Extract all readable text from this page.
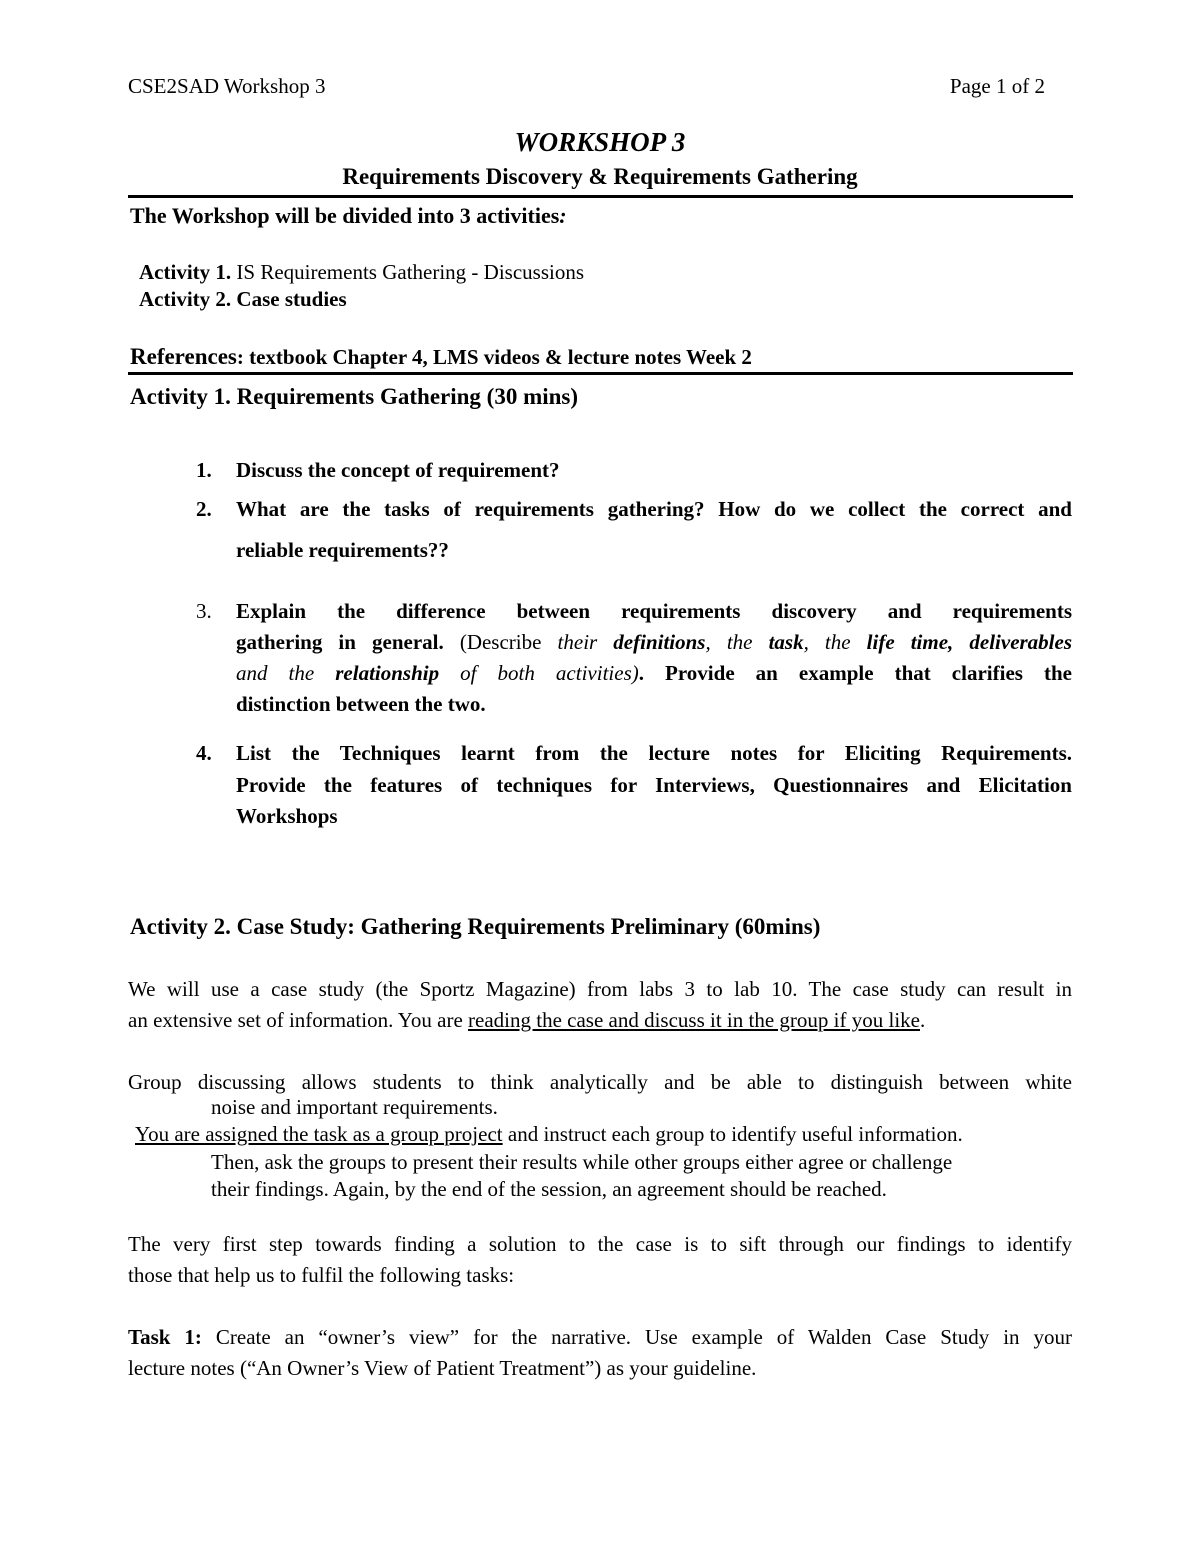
CSE2SAD Workshop 3	Page 1 of 2
WORKSHOP 3
Requirements Discovery & Requirements Gathering
The Workshop will be divided into 3 activities:
Activity 1. IS Requirements Gathering - Discussions
Activity 2. Case studies
References: textbook Chapter 4, LMS videos & lecture notes Week 2
Activity 1. Requirements Gathering (30 mins)
1. Discuss the concept of requirement?
2. What are the tasks of requirements gathering? How do we collect the correct and
reliable requirements??
3. Explain the difference between requirements discovery and requirements
gathering in general. (Describe their definitions, the task, the life time, deliverables
and the relationship of both activities). Provide an example that clarifies the
distinction between the two.
4. List the Techniques learnt from the lecture notes for Eliciting Requirements.
Provide the features of techniques for Interviews, Questionnaires and Elicitation
Workshops
Activity 2. Case Study: Gathering Requirements Preliminary (60mins)
We will use a case study (the Sportz Magazine) from labs 3 to lab 10. The case study can result in
an extensive set of information. You are reading the case and discuss it in the group if you like.
Group discussing allows students to think analytically and be able to distinguish between white
noise and important requirements.
You are assigned the task as a group project and instruct each group to identify useful information.
Then, ask the groups to present their results while other groups either agree or challenge
their findings. Again, by the end of the session, an agreement should be reached.
The very first step towards finding a solution to the case is to sift through our findings to identify
those that help us to fulfil the following tasks:
Task 1: Create an “owner’s view” for the narrative. Use example of Walden Case Study in your
lecture notes (“An Owner’s View of Patient Treatment”) as your guideline.
